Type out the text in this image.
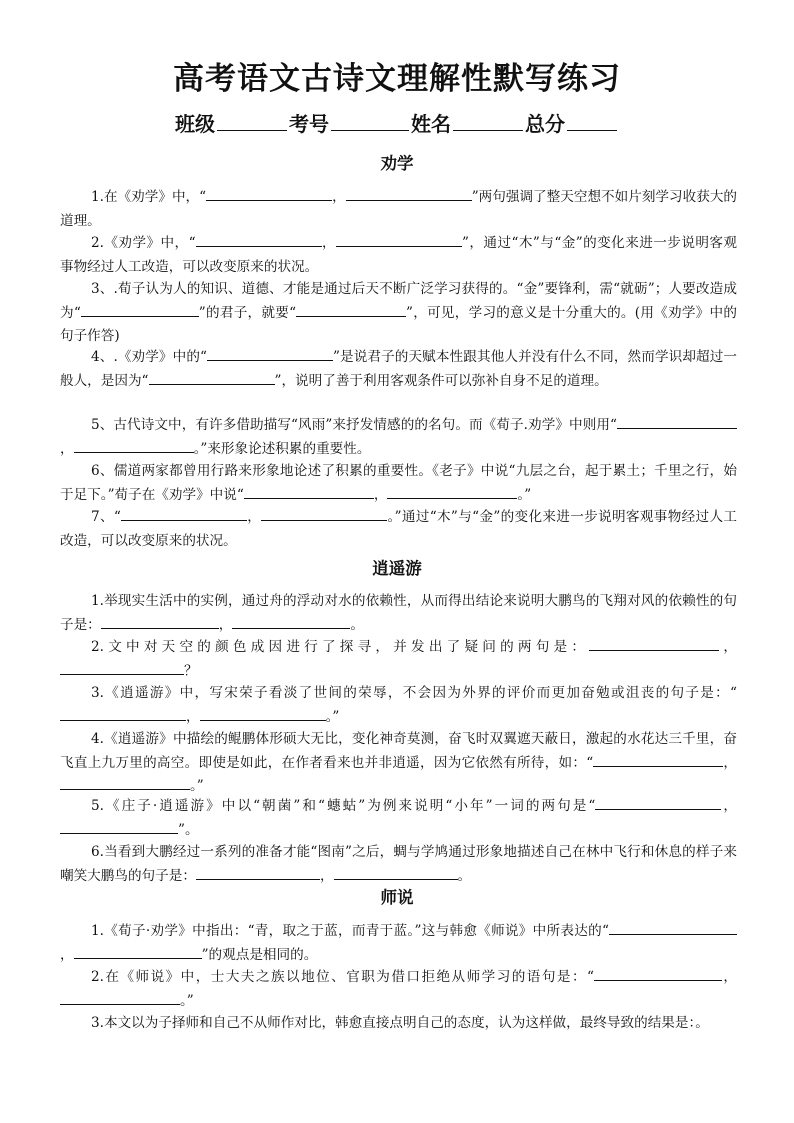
高考语文古诗文理解性默写练习
班级	考号	姓名	总分
劝学

1.在《劝学》中，“	，	”两句强调了整天空想不如片刻学习收获大的道理。

2.《劝学》中，“	，	”，通过“木”与“金”的变化来进一步说明客观事物经过人工改造，可以改变原来的状况。

3、.荀子认为人的知识、道德、才能是通过后天不断广泛学习获得的。“金”要锋利，需“就砺”；人要改造成为“	”的君子，就要“	”，可见，学习的意义是十分重大的。(用《劝学》中的句子作答)

4、.《劝学》中的“	”是说君子的天赋本性跟其他人并没有什么不同，然而学识却超过一般人，是因为“	”，说明了善于利用客观条件可以弥补自身不足的道理。

5、古代诗文中，有许多借助描写“风雨”来抒发情感的的名句。而《荀子.劝学》中则用“，	。”来形象论述积累的重要性。

6、儒道两家都曾用行路来形象地论述了积累的重要性。《老子》中说“九层之台，起于累土；千里之行，始于足下。”荀子在《劝学》中说“	，	。”

7、“	，	。”通过“木”与“金”的变化来进一步说明客观事物经过人工改造，可以改变原来的状况。

逍遥游

1.举现实生活中的实例，通过舟的浮动对水的依赖性，从而得出结论来说明大鹏鸟的飞翔对风的依赖性的句子是：	，	。

2.文中对天空的颜色成因进行了探寻，并发出了疑问的两句是：	，？

3.《逍遥游》中，写宋荣子看淡了世间的荣辱，不会因为外界的评价而更加奋勉或沮丧的句子是：“，	。”

4.《逍遥游》中描绘的鲲鹏体形硕大无比，变化神奇莫测，奋飞时双翼遮天蔽日，激起的水花达三千里，奋飞直上九万里的高空。即使是如此，在作者看来也并非逍遥，因为它依然有所待，如：“	，。”

5.《庄子·逍遥游》中以“朝菌”和“蟪蛄”为例来说明“小年”一词的两句是“	，”。

6.当看到大鹏经过一系列的准备才能“图南”之后，蜩与学鸠通过形象地描述自己在林中飞行和休息的样子来嘲笑大鹏鸟的句子是：	，	。

师说

1.《荀子·劝学》中指出：“青，取之于蓝，而青于蓝。”这与韩愈《师说》中所表达的“，	”的观点是相同的。

2.在《师说》中，士大夫之族以地位、官职为借口拒绝从师学习的语句是：“	，。”

3.本文以为子择师和自己不从师作对比，韩愈直接点明自己的态度，认为这样做，最终导致的结果是：。
